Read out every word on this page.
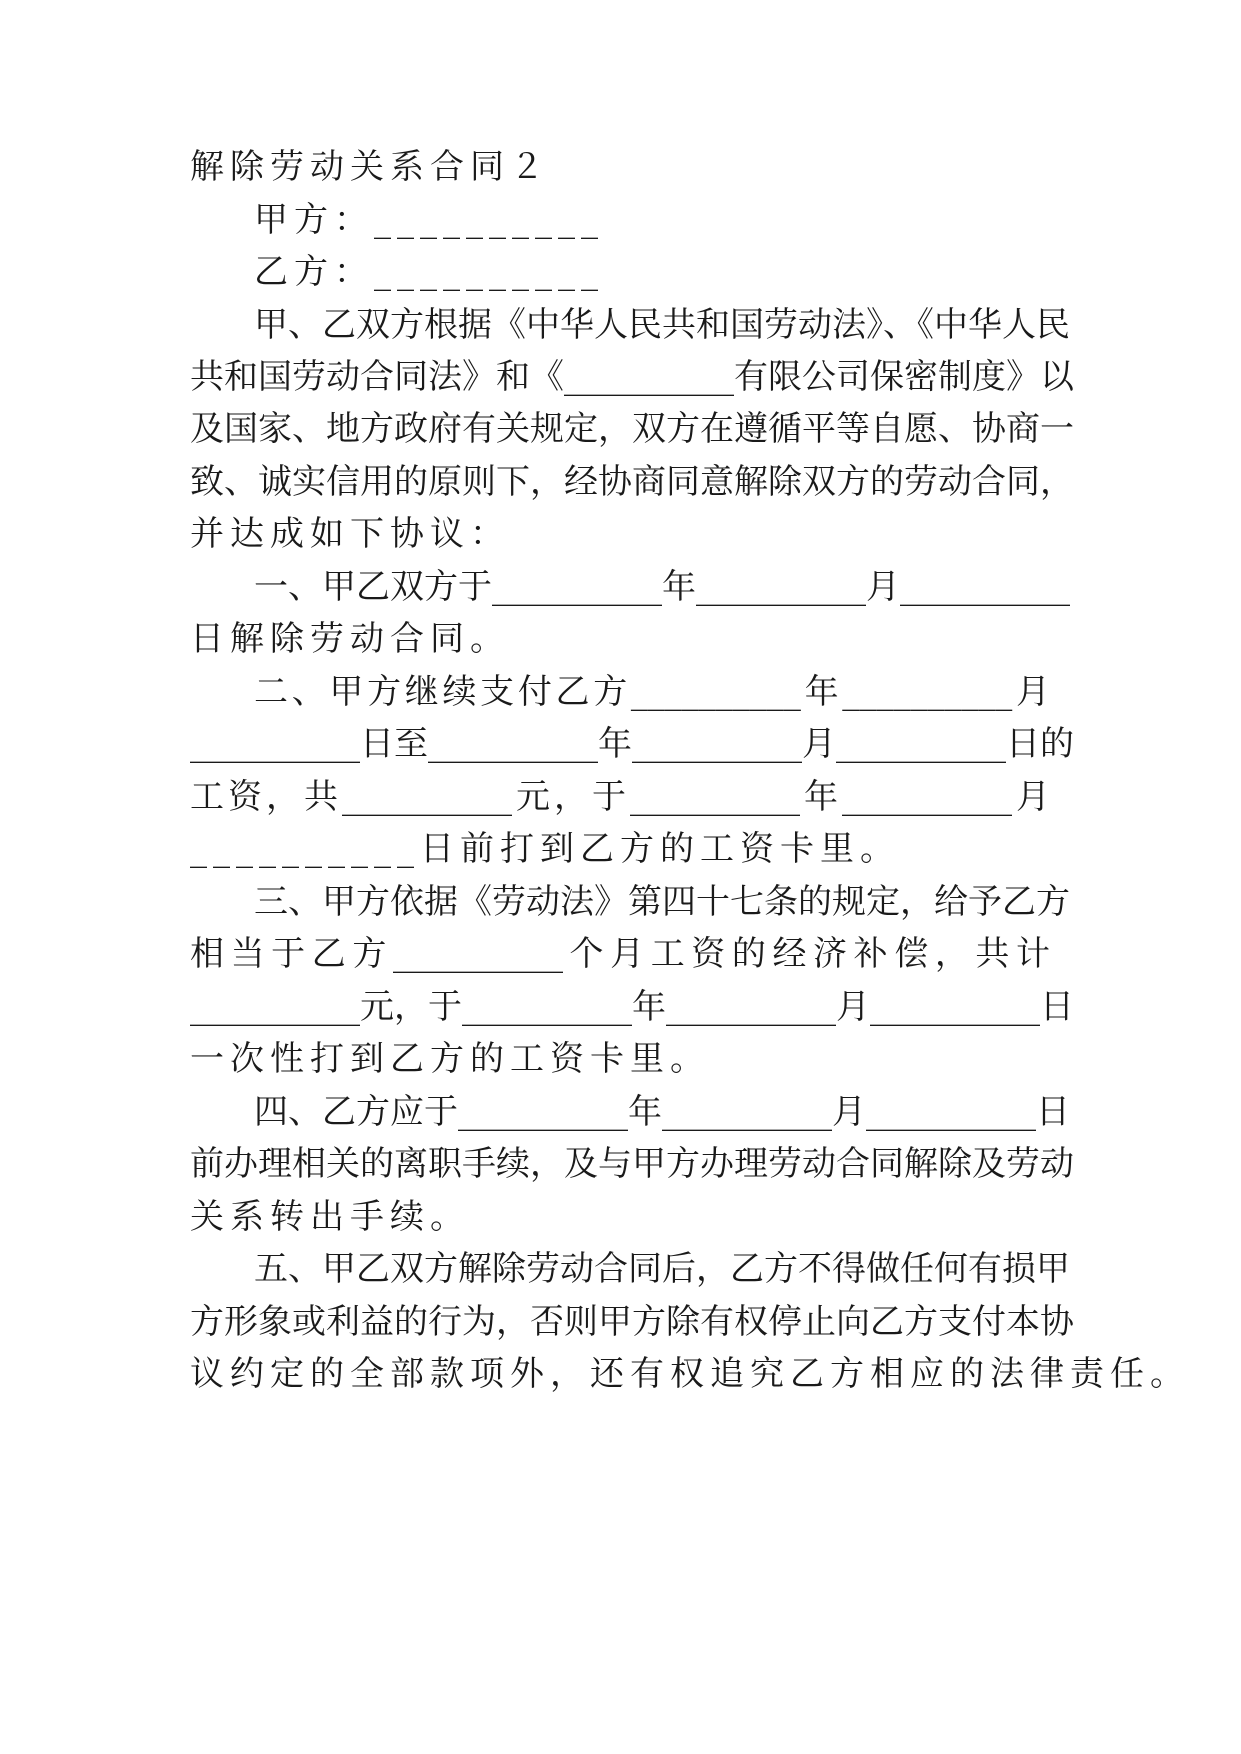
解除劳动关系合同２
甲方：__________
乙方：__________
甲、乙双方根据《中华人民共和国劳动法》、《中华人民
共和国劳动合同法》和《__________有限公司保密制度》以
及国家、地方政府有关规定，双方在遵循平等自愿、协商一
致、诚实信用的原则下，经协商同意解除双方的劳动合同，
并达成如下协议：
一、甲乙双方于__________年__________月__________
日解除劳动合同。
二、甲方继续支付乙方__________年__________月
__________日至__________年__________月__________日的
工资，共__________元，于__________年__________月
__________日前打到乙方的工资卡里。
三、甲方依据《劳动法》第四十七条的规定，给予乙方
相当于乙方__________个月工资的经济补偿，共计
__________元，于__________年__________月__________日
一次性打到乙方的工资卡里。
四、乙方应于__________年__________月__________日
前办理相关的离职手续，及与甲方办理劳动合同解除及劳动
关系转出手续。
五、甲乙双方解除劳动合同后，乙方不得做任何有损甲
方形象或利益的行为，否则甲方除有权停止向乙方支付本协
议约定的全部款项外，还有权追究乙方相应的法律责任。
